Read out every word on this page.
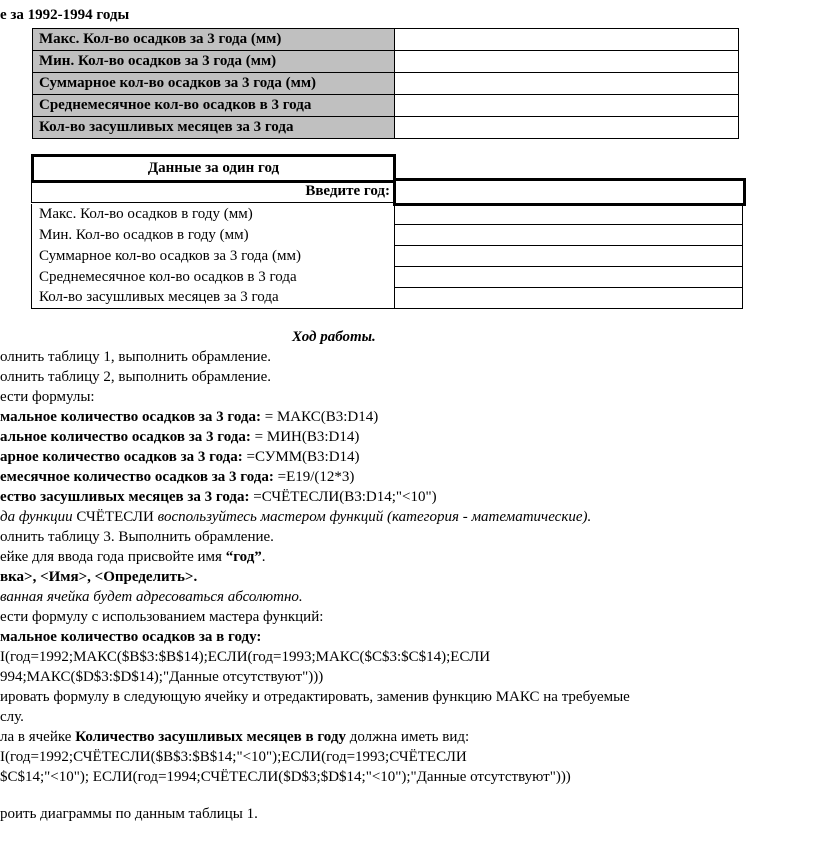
е за 1992-1994 годы
Макс. Кол-во осадков за 3 года (мм)	
Мин. Кол-во осадков за 3 года (мм)	
Суммарное кол-во осадков за 3 года (мм)	
Среднемесячное кол-во осадков в 3 года	
Кол-во засушливых месяцев за 3 года	
Данные за один год
Введите год:
Макс. Кол-во осадков в году (мм)	
Мин. Кол-во осадков в году (мм)	
Суммарное кол-во осадков за 3 года (мм)	
Среднемесячное кол-во осадков в 3 года	
Кол-во засушливых месяцев за 3 года	
Ход работы.
олнить таблицу 1, выполнить обрамление.
олнить таблицу 2, выполнить обрамление.
ести формулы:
мальное количество осадков за 3 года: = МАКС(B3:D14)
альное количество осадков за 3 года: = МИН(B3:D14)
арное количество осадков за 3 года: =СУММ(B3:D14)
емесячное количество осадков за 3 года: =E19/(12*3)
ество засушливых месяцев за 3 года: =СЧЁТЕСЛИ(B3:D14;"<10")
да функции СЧЁТЕСЛИ воспользуйтесь мастером функций (категория - математические).
олнить таблицу 3. Выполнить обрамление.
ейке для ввода года присвойте имя “год”.
вка>, <Имя>, <Определить>.
ванная ячейка будет адресоваться абсолютно.
ести формулу с использованием мастера функций:
мальное количество осадков за в году:
І(год=1992;МАКС($B$3:$B$14);ЕСЛИ(год=1993;МАКС($C$3:$C$14);ЕСЛИ
994;МАКС($D$3:$D$14);"Данные отсутствуют")))
ировать формулу в следующую ячейку и отредактировать, заменив функцию МАКС на требуемые
слу.
ла в ячейке Количество засушливых месяцев в году должна иметь вид:
І(год=1992;СЧЁТЕСЛИ($B$3:$B$14;"<10");ЕСЛИ(год=1993;СЧЁТЕСЛИ
$C$14;"<10"); ЕСЛИ(год=1994;СЧЁТЕСЛИ($D$3;$D$14;"<10");"Данные отсутствуют")))
роить диаграммы по данным таблицы 1.
